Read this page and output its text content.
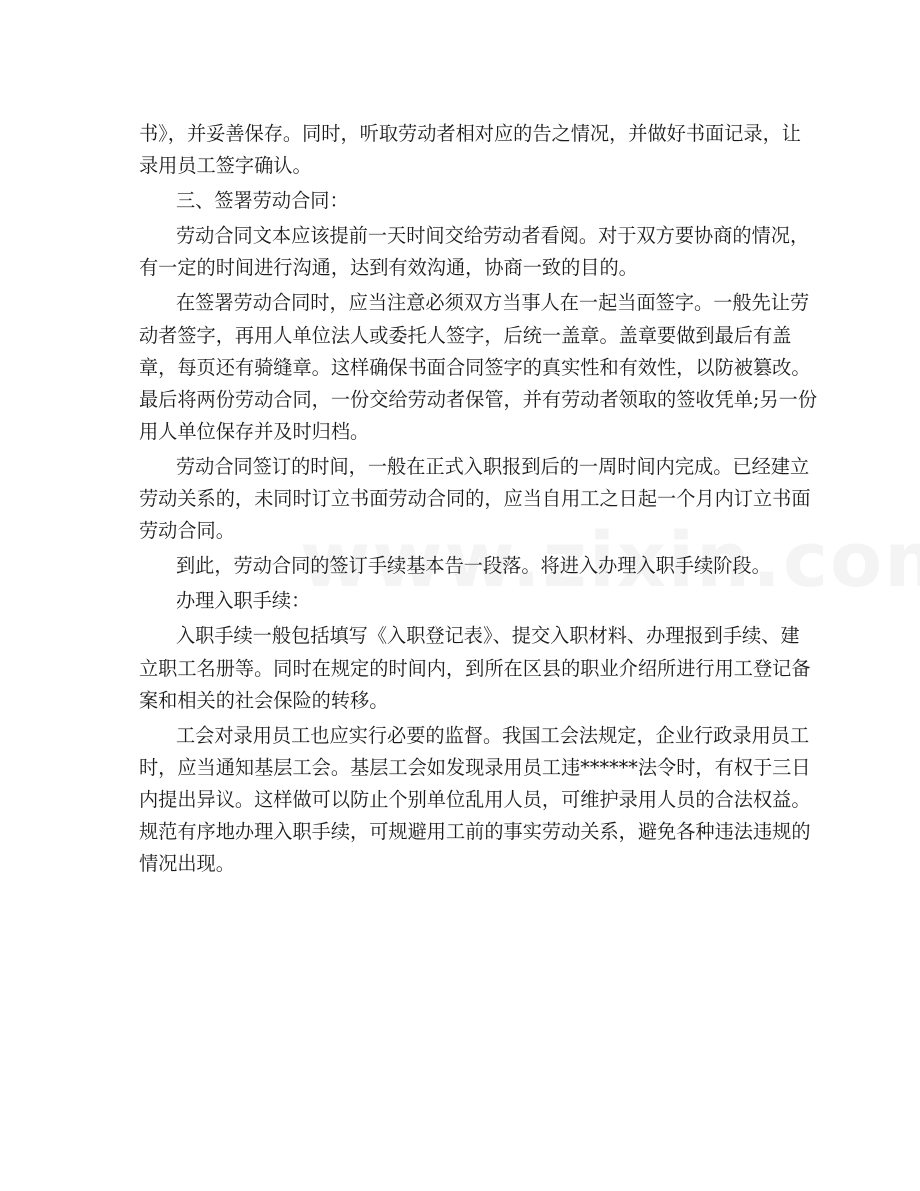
书》，并妥善保存。同时，听取劳动者相对应的告之情况，并做好书面记录，让
录用员工签字确认。
三、签署劳动合同：
劳动合同文本应该提前一天时间交给劳动者看阅。对于双方要协商的情况，
有一定的时间进行沟通，达到有效沟通，协商一致的目的。
在签署劳动合同时，应当注意必须双方当事人在一起当面签字。一般先让劳
动者签字，再用人单位法人或委托人签字，后统一盖章。盖章要做到最后有盖
章，每页还有骑缝章。这样确保书面合同签字的真实性和有效性，以防被篡改。
最后将两份劳动合同，一份交给劳动者保管，并有劳动者领取的签收凭单;另一份
用人单位保存并及时归档。
劳动合同签订的时间，一般在正式入职报到后的一周时间内完成。已经建立
劳动关系的，未同时订立书面劳动合同的，应当自用工之日起一个月内订立书面
劳动合同。
到此，劳动合同的签订手续基本告一段落。将进入办理入职手续阶段。
办理入职手续：
入职手续一般包括填写《入职登记表》、提交入职材料、办理报到手续、建
立职工名册等。同时在规定的时间内，到所在区县的职业介绍所进行用工登记备
案和相关的社会保险的转移。
工会对录用员工也应实行必要的监督。我国工会法规定，企业行政录用员工
时，应当通知基层工会。基层工会如发现录用员工违******法令时，有权于三日
内提出异议。这样做可以防止个别单位乱用人员，可维护录用人员的合法权益。
规范有序地办理入职手续，可规避用工前的事实劳动关系，避免各种违法违规的
情况出现。
